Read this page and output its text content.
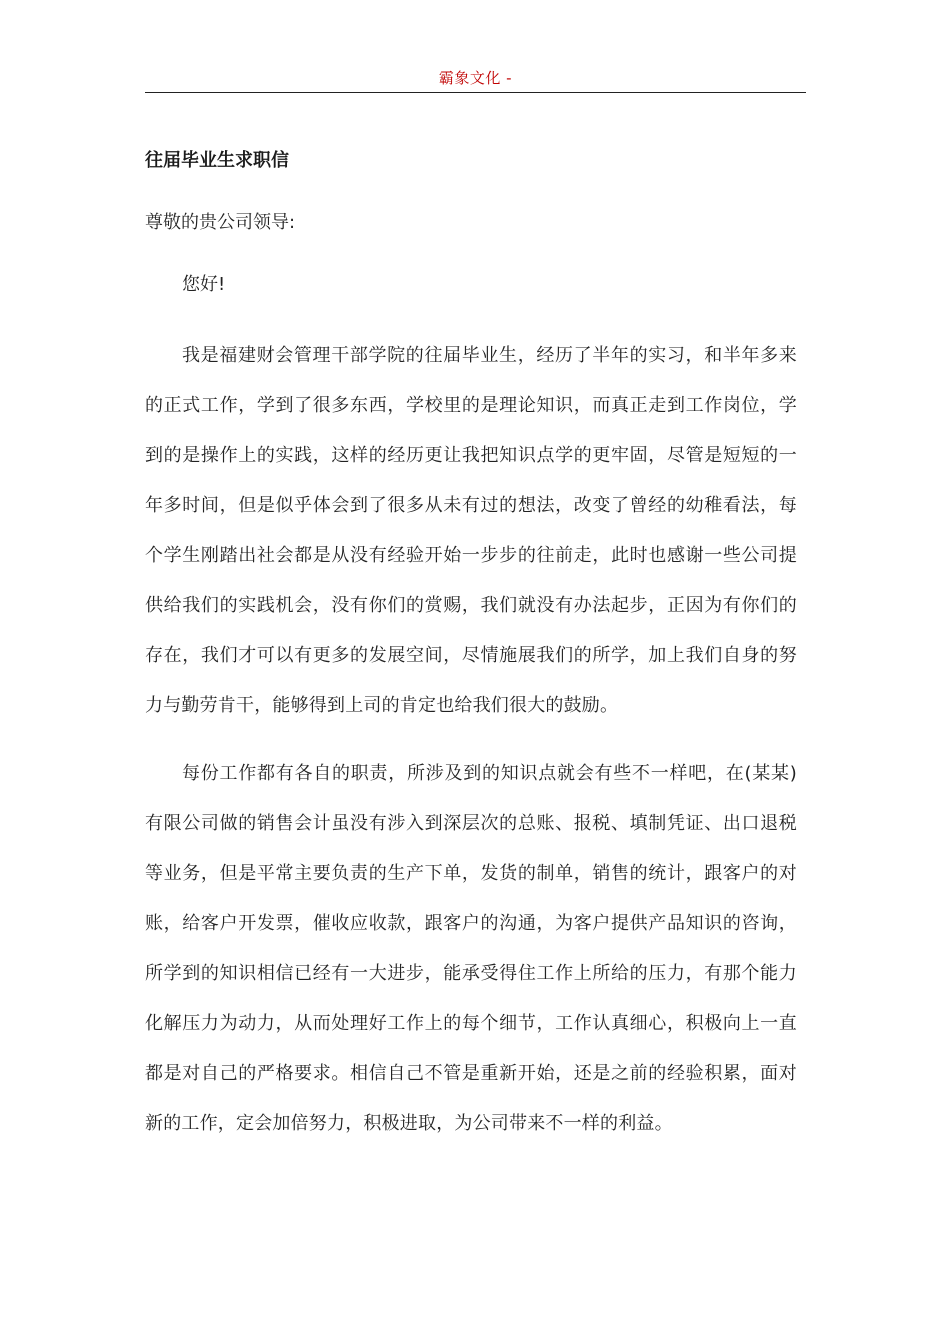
霸象文化 -
往届毕业生求职信
尊敬的贵公司领导:
您好!

我是福建财会管理干部学院的往届毕业生，经历了半年的实习，和半年多来的正式工作，学到了很多东西，学校里的是理论知识，而真正走到工作岗位，学到的是操作上的实践，这样的经历更让我把知识点学的更牢固，尽管是短短的一年多时间，但是似乎体会到了很多从未有过的想法，改变了曾经的幼稚看法，每个学生刚踏出社会都是从没有经验开始一步步的往前走，此时也感谢一些公司提供给我们的实践机会，没有你们的赏赐，我们就没有办法起步，正因为有你们的存在，我们才可以有更多的发展空间，尽情施展我们的所学，加上我们自身的努力与勤劳肯干，能够得到上司的肯定也给我们很大的鼓励。

每份工作都有各自的职责，所涉及到的知识点就会有些不一样吧，在(某某)有限公司做的销售会计虽没有涉入到深层次的总账、报税、填制凭证、出口退税等业务，但是平常主要负责的生产下单，发货的制单，销售的统计，跟客户的对账，给客户开发票，催收应收款，跟客户的沟通，为客户提供产品知识的咨询，所学到的知识相信已经有一大进步，能承受得住工作上所给的压力，有那个能力化解压力为动力，从而处理好工作上的每个细节，工作认真细心，积极向上一直都是对自己的严格要求。相信自己不管是重新开始，还是之前的经验积累，面对新的工作，定会加倍努力，积极进取，为公司带来不一样的利益。
